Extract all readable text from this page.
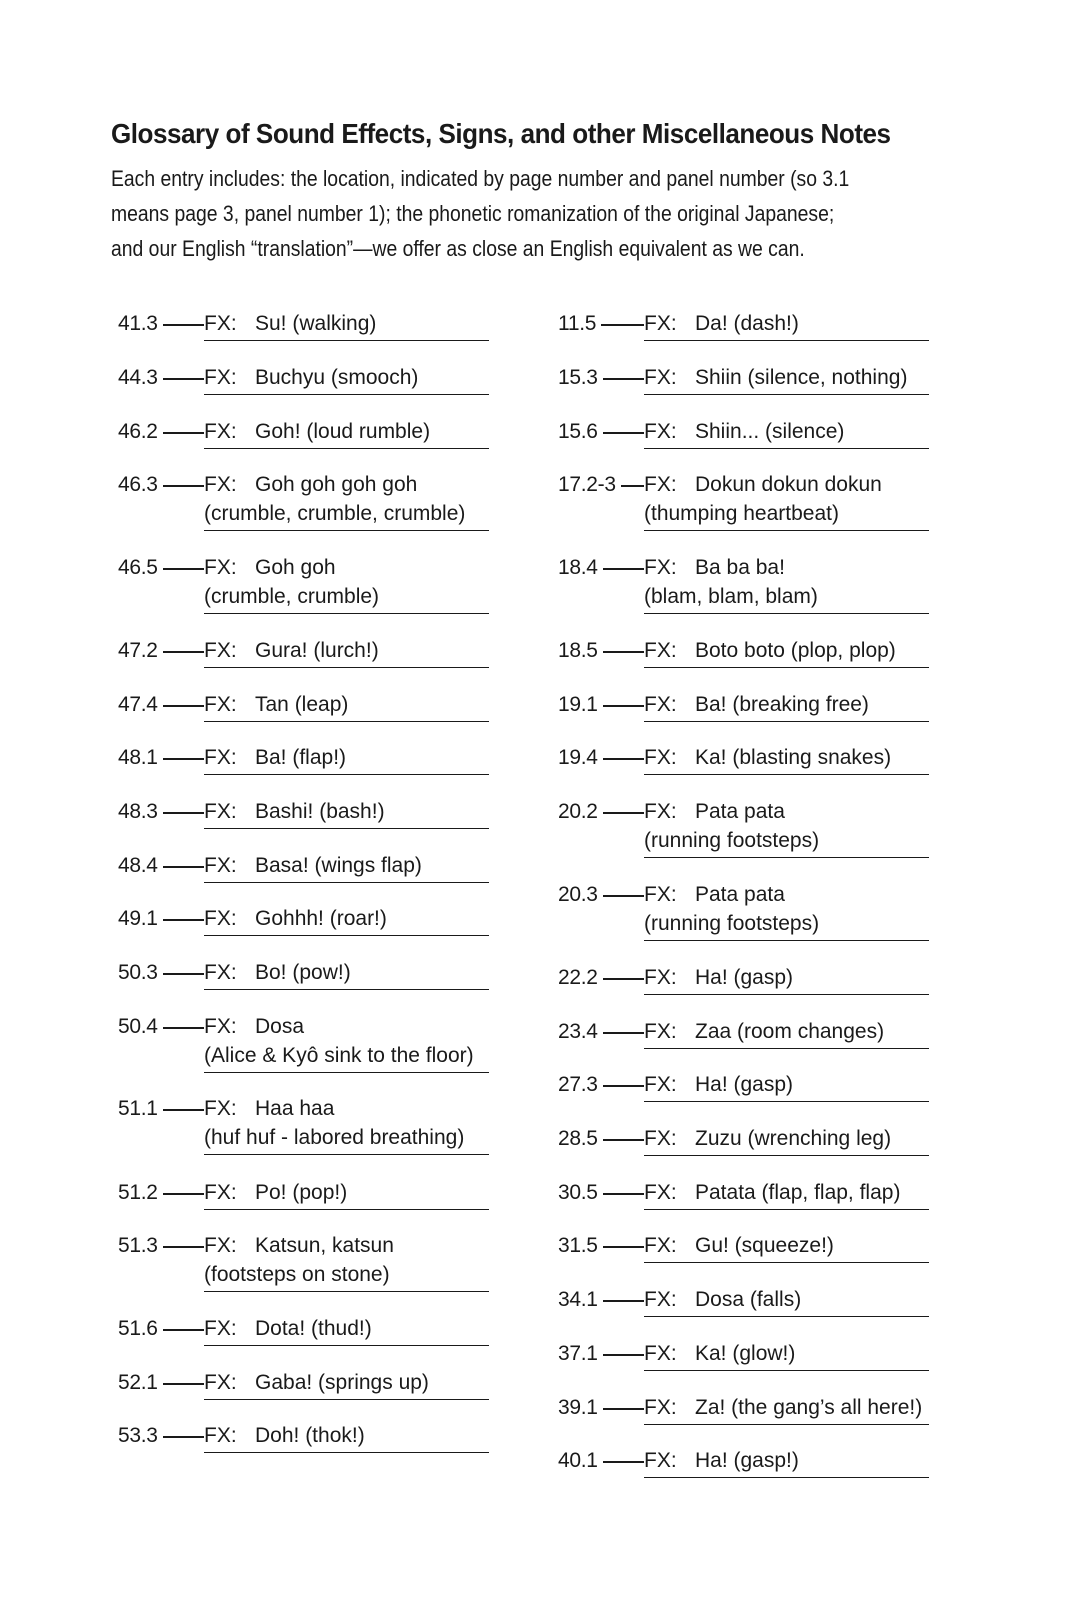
Glossary of Sound Effects, Signs, and other Miscellaneous Notes
Each entry includes: the location, indicated by page number and panel number (so 3.1
means page 3, panel number 1); the phonetic romanization of the original Japanese;
and our English “translation”—we offer as close an English equivalent as we can.
41.3 FX: Su! (walking)
44.3 FX: Buchyu (smooch)
46.2 FX: Goh! (loud rumble)
46.3 FX: Goh goh goh goh
(crumble, crumble, crumble)
46.5 FX: Goh goh
(crumble, crumble)
47.2 FX: Gura! (lurch!)
47.4 FX: Tan (leap)
48.1 FX: Ba! (flap!)
48.3 FX: Bashi! (bash!)
48.4 FX: Basa! (wings flap)
49.1 FX: Gohhh! (roar!)
50.3 FX: Bo! (pow!)
50.4 FX: Dosa
(Alice & Kyô sink to the floor)
51.1 FX: Haa haa
(huf huf - labored breathing)
51.2 FX: Po! (pop!)
51.3 FX: Katsun, katsun
(footsteps on stone)
51.6 FX: Dota! (thud!)
52.1 FX: Gaba! (springs up)
53.3 FX: Doh! (thok!)
11.5 FX: Da! (dash!)
15.3 FX: Shiin (silence, nothing)
15.6 FX: Shiin... (silence)
17.2-3 FX: Dokun dokun dokun
(thumping heartbeat)
18.4 FX: Ba ba ba!
(blam, blam, blam)
18.5 FX: Boto boto (plop, plop)
19.1 FX: Ba! (breaking free)
19.4 FX: Ka! (blasting snakes)
20.2 FX: Pata pata
(running footsteps)
20.3 FX: Pata pata
(running footsteps)
22.2 FX: Ha! (gasp)
23.4 FX: Zaa (room changes)
27.3 FX: Ha! (gasp)
28.5 FX: Zuzu (wrenching leg)
30.5 FX: Patata (flap, flap, flap)
31.5 FX: Gu! (squeeze!)
34.1 FX: Dosa (falls)
37.1 FX: Ka! (glow!)
39.1 FX: Za! (the gang’s all here!)
40.1 FX: Ha! (gasp!)
